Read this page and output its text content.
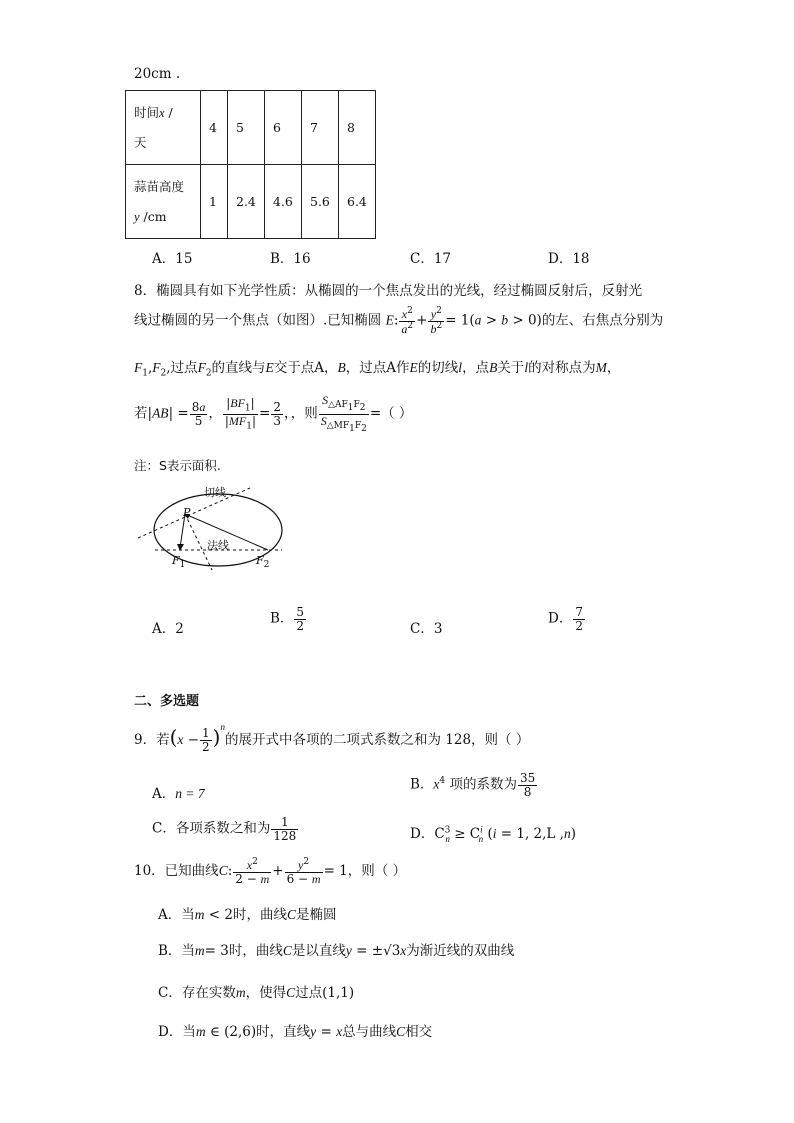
20cm .
时间x /
天	4	5	6	7	8
蒜苗高度
y /cm	1	2.4	4.6	5.6	6.4
A．15	B．16	C．17	D．18
8．椭圆具有如下光学性质：从椭圆的一个焦点发出的光线，经过椭圆反射后，反射光
线过椭圆的另一个焦点（如图）.已知椭圆 E: $\frac{x^2}{a^2} + \frac{y^2}{b^2} = 1(a > b > 0)$的左、右焦点分别为
$F_1,F_2$,过点$F_2$的直线与E交于点A，B，过点A作E的切线l，点B关于l的对称点为M，
若$|AB| = \frac{8a}{5}$ ， $\frac{|BF_1|}{|MF_1|} = \frac{2}{3}$ ，，则 $\frac{S_{\triangle AF_1F_2}}{S_{\triangle MF_1F_2}}$ =（ ）
注：S表示面积.
切线
P
法线
$F_1$	$F_2$
A．2
B． $\frac{5}{2}$	C．3
D． $\frac{7}{2}$
二、多选题
9．若$(x - \frac{1}{2} )^n$的展开式中各项的二项式系数之和为 128，则（ ）
A．n = 7
B．$x^4$ 项的系数为 $\frac{35}{8}$
C．各项系数之和为 $\frac{1}{128}$	D．$C^3_n \ge C^i_n$ (i = 1, 2,L ,n)
10．已知曲线C: $\frac{x^2}{2 - m} + \frac{y^2}{6 - m} = 1$，则（ ）
A．当m < 2时，曲线C是椭圆
B．当m= 3时，曲线C是以直线y = ±√3x为渐近线的双曲线
C．存在实数m，使得C过点(1,1)
D．当m ∈ (2,6)时，直线y = x总与曲线C相交
